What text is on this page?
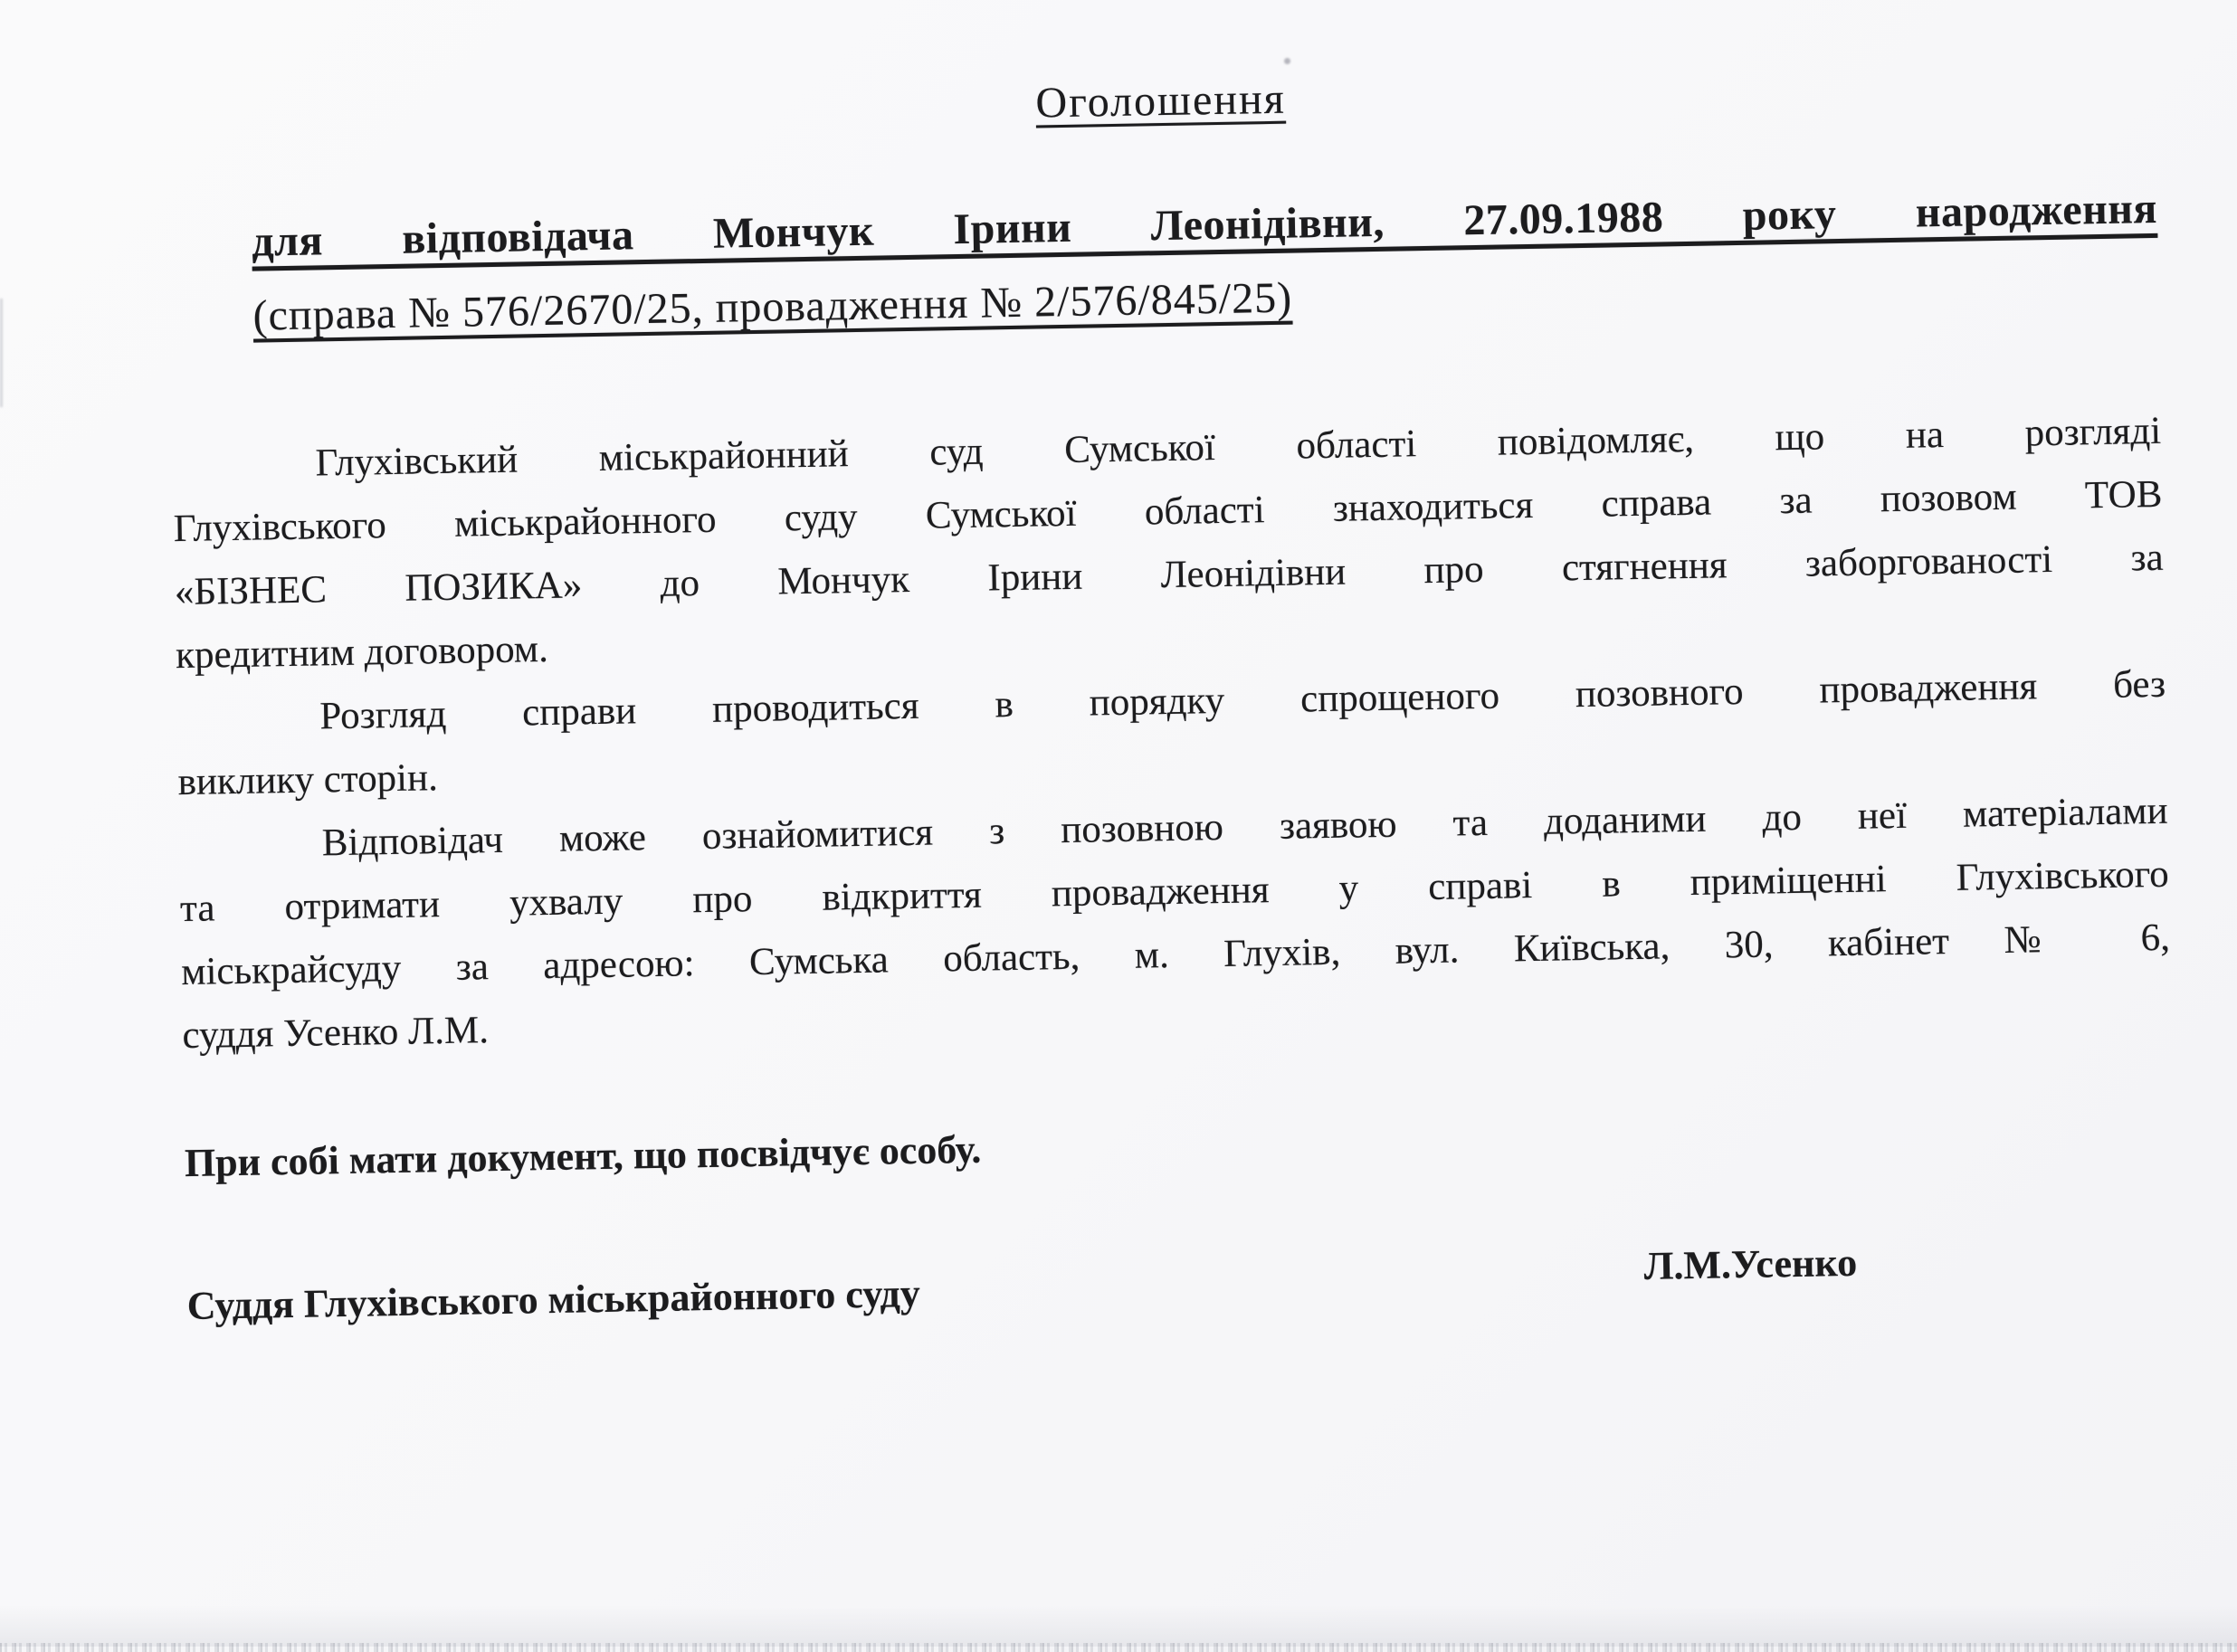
Оголошення
для відповідача Мончук Ірини Леонідівни, 27.09.1988 року народження
(справа № 576/2670/25, провадження № 2/576/845/25)
Глухівський міськрайонний суд Сумської області повідомляє, що на розгляді
Глухівського міськрайонного суду Сумської області знаходиться справа за позовом ТОВ
«БІЗНЕС ПОЗИКА» до Мончук Ірини Леонідівни про стягнення заборгованості за
кредитним договором.
Розгляд справи проводиться в порядку спрощеного позовного провадження без
виклику сторін.
Відповідач може ознайомитися з позовною заявою та доданими до неї матеріалами
та отримати ухвалу про відкриття провадження у справі в приміщенні Глухівського
міськрайсуду за адресою: Сумська область, м. Глухів, вул. Київська, 30, кабінет № 6,
суддя Усенко Л.М.
При собі мати документ, що посвідчує особу.
Суддя Глухівського міськрайонного суду
Л.М.Усенко
